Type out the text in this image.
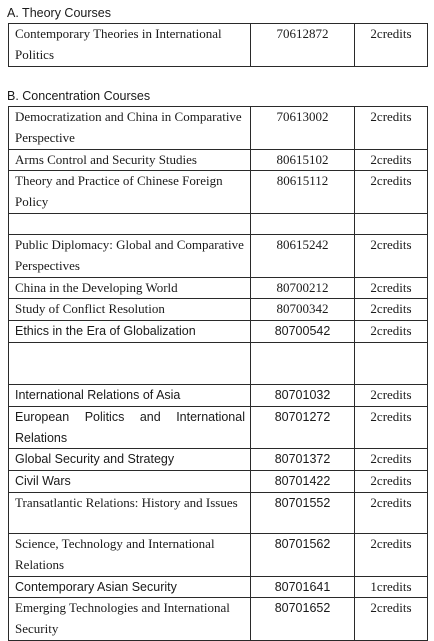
A. Theory Courses
Contemporary Theories in International Politics	70612872	2credits
B. Concentration Courses
Democratization and China in Comparative Perspective	70613002	2credits
Arms Control and Security Studies	80615102	2credits
Theory and Practice of Chinese Foreign Policy	80615112	2credits

Public Diplomacy: Global and Comparative Perspectives	80615242	2credits
China in the Developing World	80700212	2credits
Study of Conflict Resolution	80700342	2credits
Ethics in the Era of Globalization	80700542	2credits

International Relations of Asia	80701032	2credits
European Politics and International Relations	80701272	2credits
Global Security and Strategy	80701372	2credits
Civil Wars	80701422	2credits
Transatlantic Relations: History and Issues	80701552	2credits
Science, Technology and International Relations	80701562	2credits
Contemporary Asian Security	80701641	1credits
Emerging Technologies and International Security	80701652	2credits
